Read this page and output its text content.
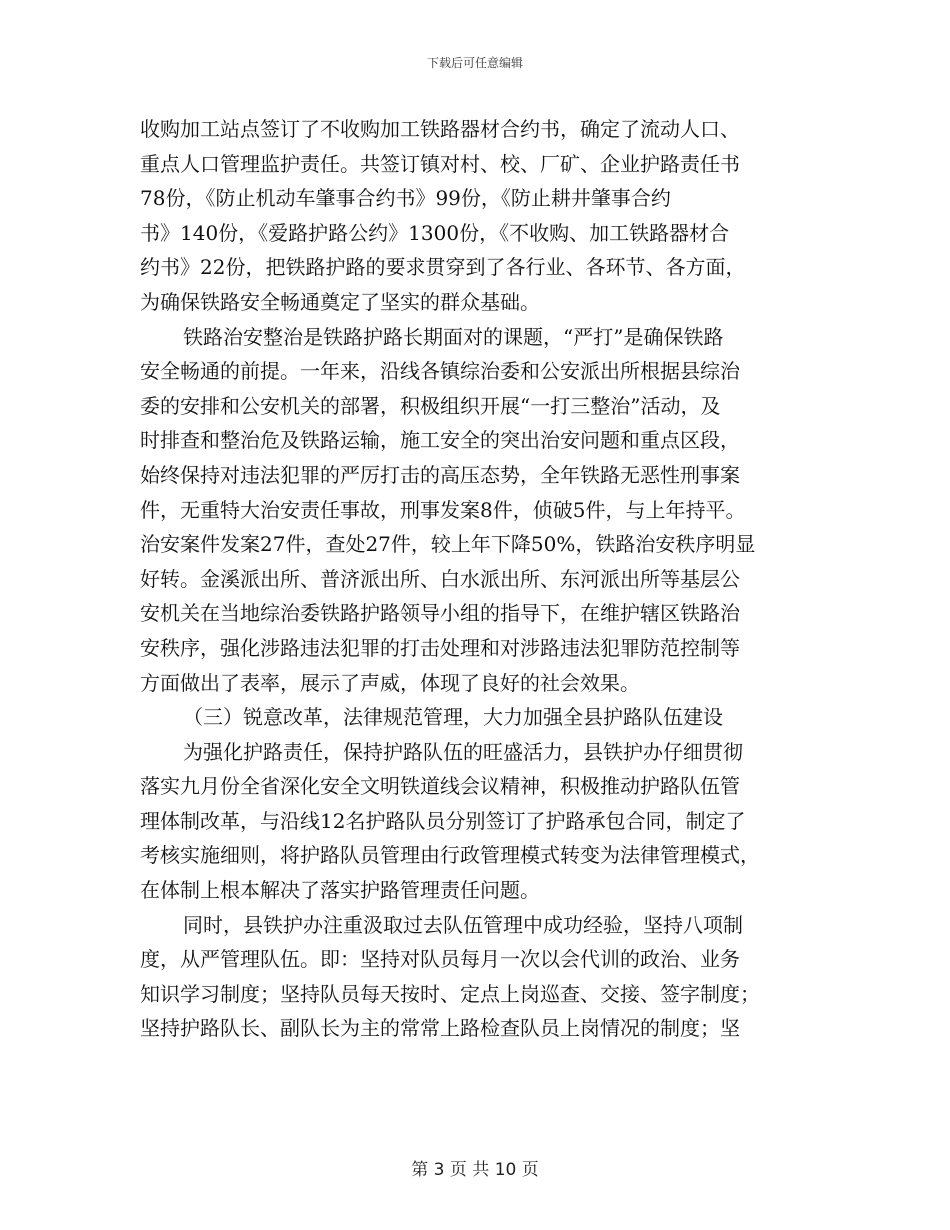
下载后可任意编辑
收购加工站点签订了不收购加工铁路器材合约书，确定了流动人口、
重点人口管理监护责任。共签订镇对村、校、厂矿、企业护路责任书
78份，《防止机动车肇事合约书》99份，《防止耕井肇事合约
书》140份，《爱路护路公约》1300份，《不收购、加工铁路器材合
约书》22份，把铁路护路的要求贯穿到了各行业、各环节、各方面，
为确保铁路安全畅通奠定了坚实的群众基础。
铁路治安整治是铁路护路长期面对的课题，“严打”是确保铁路
安全畅通的前提。一年来，沿线各镇综治委和公安派出所根据县综治
委的安排和公安机关的部署，积极组织开展“一打三整治”活动，及
时排查和整治危及铁路运输，施工安全的突出治安问题和重点区段，
始终保持对违法犯罪的严厉打击的高压态势，全年铁路无恶性刑事案
件，无重特大治安责任事故，刑事发案8件，侦破5件，与上年持平。
治安案件发案27件，查处27件，较上年下降50%，铁路治安秩序明显
好转。金溪派出所、普济派出所、白水派出所、东河派出所等基层公
安机关在当地综治委铁路护路领导小组的指导下，在维护辖区铁路治
安秩序，强化涉路违法犯罪的打击处理和对涉路违法犯罪防范控制等
方面做出了表率，展示了声威，体现了良好的社会效果。
（三）锐意改革，法律规范管理，大力加强全县护路队伍建设
为强化护路责任，保持护路队伍的旺盛活力，县铁护办仔细贯彻
落实九月份全省深化安全文明铁道线会议精神，积极推动护路队伍管
理体制改革，与沿线12名护路队员分别签订了护路承包合同，制定了
考核实施细则，将护路队员管理由行政管理模式转变为法律管理模式，
在体制上根本解决了落实护路管理责任问题。
同时，县铁护办注重汲取过去队伍管理中成功经验，坚持八项制
度，从严管理队伍。即：坚持对队员每月一次以会代训的政治、业务
知识学习制度；坚持队员每天按时、定点上岗巡查、交接、签字制度；
坚持护路队长、副队长为主的常常上路检查队员上岗情况的制度；坚
第 3 页 共 10 页
